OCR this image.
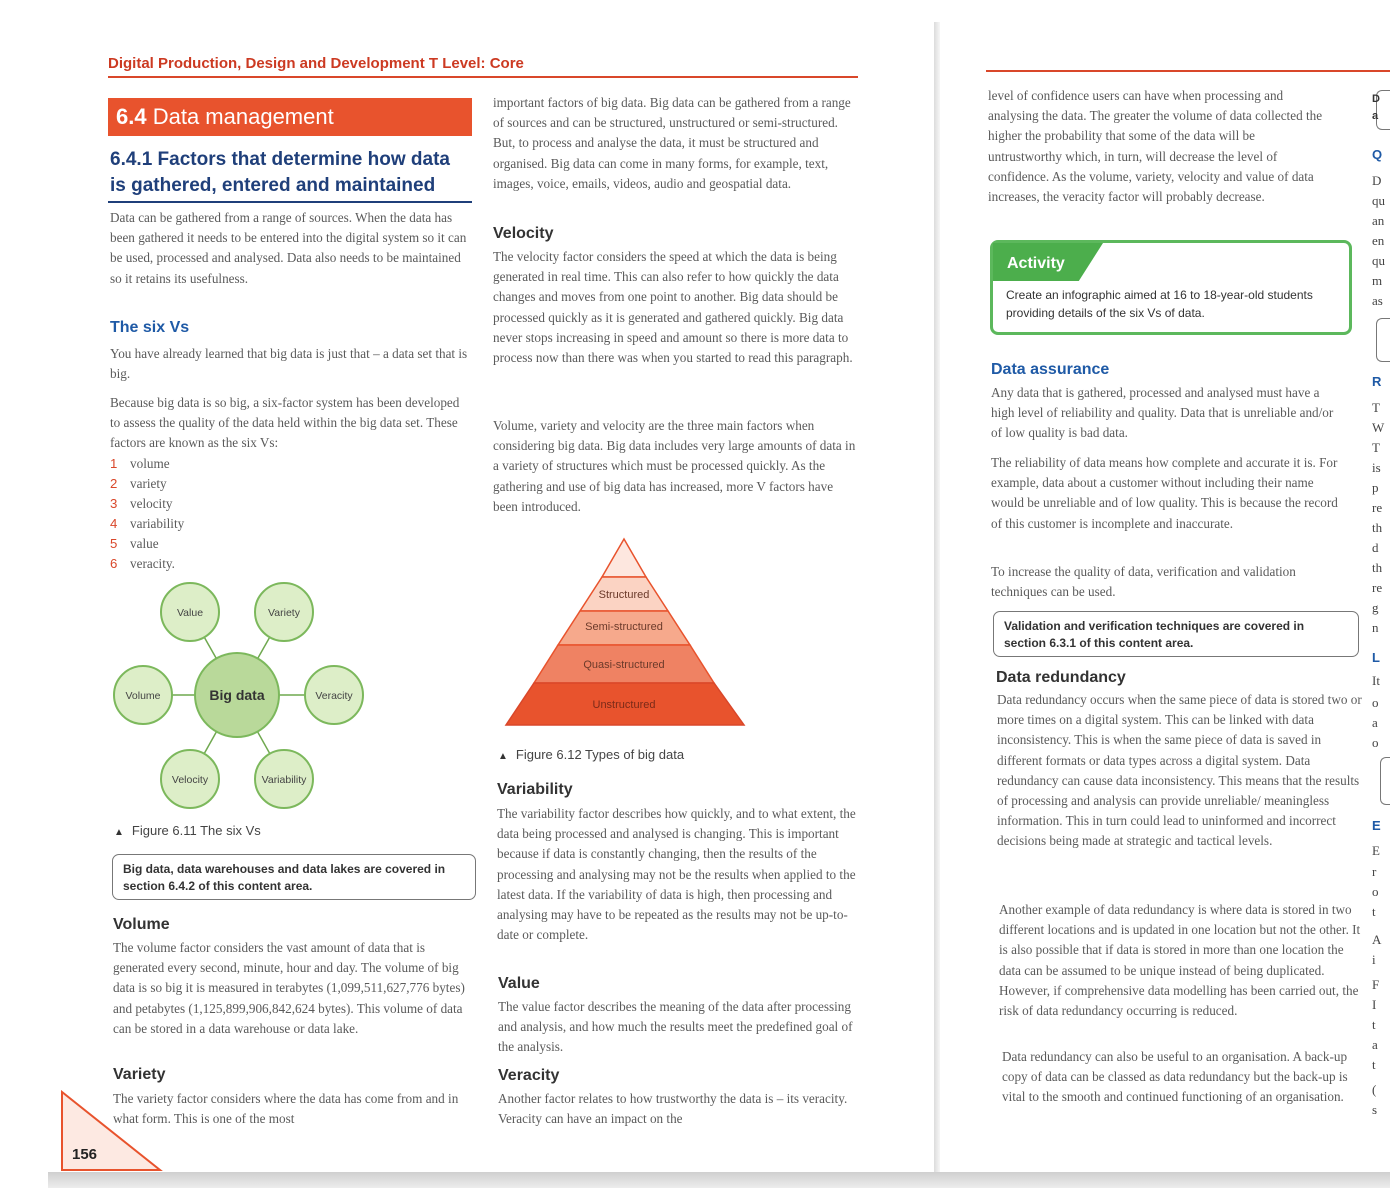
Digital Production, Design and Development T Level: Core
6.4 Data management
6.4.1 Factors that determine how data
is gathered, entered and maintained

Data can be gathered from a range of sources. When the data has been gathered it needs to be entered into the digital system so it can be used, processed and analysed. Data also needs to be maintained so it retains its usefulness.

The six Vs

You have already learned that big data is just that – a data set that is big.

Because big data is so big, a six-factor system has been developed to assess the quality of the data held within the big data set. These factors are known as the six Vs:

1 volume
2 variety
3 velocity
4 variability
5 value
6 veracity.
Value	Variety
Volume	Veracity
Velocity	Variability
Big data
▲ Figure 6.11 The six Vs
Big data, data warehouses and data lakes are covered in section 6.4.2 of this content area.
Volume

The volume factor considers the vast amount of data that is generated every second, minute, hour and day. The volume of big data is so big it is measured in terabytes (1,099,511,627,776 bytes) and petabytes (1,125,899,906,842,624 bytes). This volume of data can be stored in a data warehouse or data lake.

Variety

The variety factor considers where the data has come from and in what form. This is one of the most

156

important factors of big data. Big data can be gathered from a range of sources and can be structured, unstructured or semi-structured. But, to process and analyse the data, it must be structured and organised. Big data can come in many forms, for example, text, images, voice, emails, videos, audio and geospatial data.

Velocity

The velocity factor considers the speed at which the data is being generated in real time. This can also refer to how quickly the data changes and moves from one point to another. Big data should be processed quickly as it is generated and gathered quickly. Big data never stops increasing in speed and amount so there is more data to process now than there was when you started to read this paragraph.

Volume, variety and velocity are the three main factors when considering big data. Big data includes very large amounts of data in a variety of structures which must be processed quickly. As the gathering and use of big data has increased, more V factors have been introduced.

Structured
Semi-structured
Quasi-structured
Unstructured
▲ Figure 6.12 Types of big data
Variability

The variability factor describes how quickly, and to what extent, the data being processed and analysed is changing. This is important because if data is constantly changing, then the results of the processing and analysing may not be the results when applied to the latest data. If the variability of data is high, then processing and analysing may have to be repeated as the results may not be up-to-date or complete.

Value

The value factor describes the meaning of the data after processing and analysis, and how much the results meet the predefined goal of the analysis.

Veracity

Another factor relates to how trustworthy the data is – its veracity. Veracity can have an impact on the

level of confidence users can have when processing and analysing the data. The greater the volume of data collected the higher the probability that some of the data will be untrustworthy which, in turn, will decrease the level of confidence. As the volume, variety, velocity and value of data increases, the veracity factor will probably decrease.

Activity
Create an infographic aimed at 16 to 18-year-old students providing details of the six Vs of data.
Data assurance

Any data that is gathered, processed and analysed must have a high level of reliability and quality. Data that is unreliable and/or of low quality is bad data.

The reliability of data means how complete and accurate it is. For example, data about a customer without including their name would be unreliable and of low quality. This is because the record of this customer is incomplete and inaccurate.

To increase the quality of data, verification and validation techniques can be used.

Validation and verification techniques are covered in section 6.3.1 of this content area.
Data redundancy

Data redundancy occurs when the same piece of data is stored two or more times on a digital system. This can be linked with data inconsistency. This is when the same piece of data is saved in different formats or data types across a digital system. Data redundancy can cause data inconsistency. This means that the results of processing and analysis can provide unreliable/ meaningless information. This in turn could lead to uninformed and incorrect decisions being made at strategic and tactical levels.

Another example of data redundancy is where data is stored in two different locations and is updated in one location but not the other. It is also possible that if data is stored in more than one location the data can be assumed to be unique instead of being duplicated. However, if comprehensive data modelling has been carried out, the risk of data redundancy occurring is reduced.

Data redundancy can also be useful to an organisation. A back-up copy of data can be classed as data redundancy but the back-up is vital to the smooth and continued functioning of an organisation.

D
a
Q
D
qu
an
en
qu
m
as
R
T
W
T
is
p
re
th
d
th
re
g
n
L
It
o
a
o
E
E
r
o
t
A
i
F
I
t
a
t
(
s
